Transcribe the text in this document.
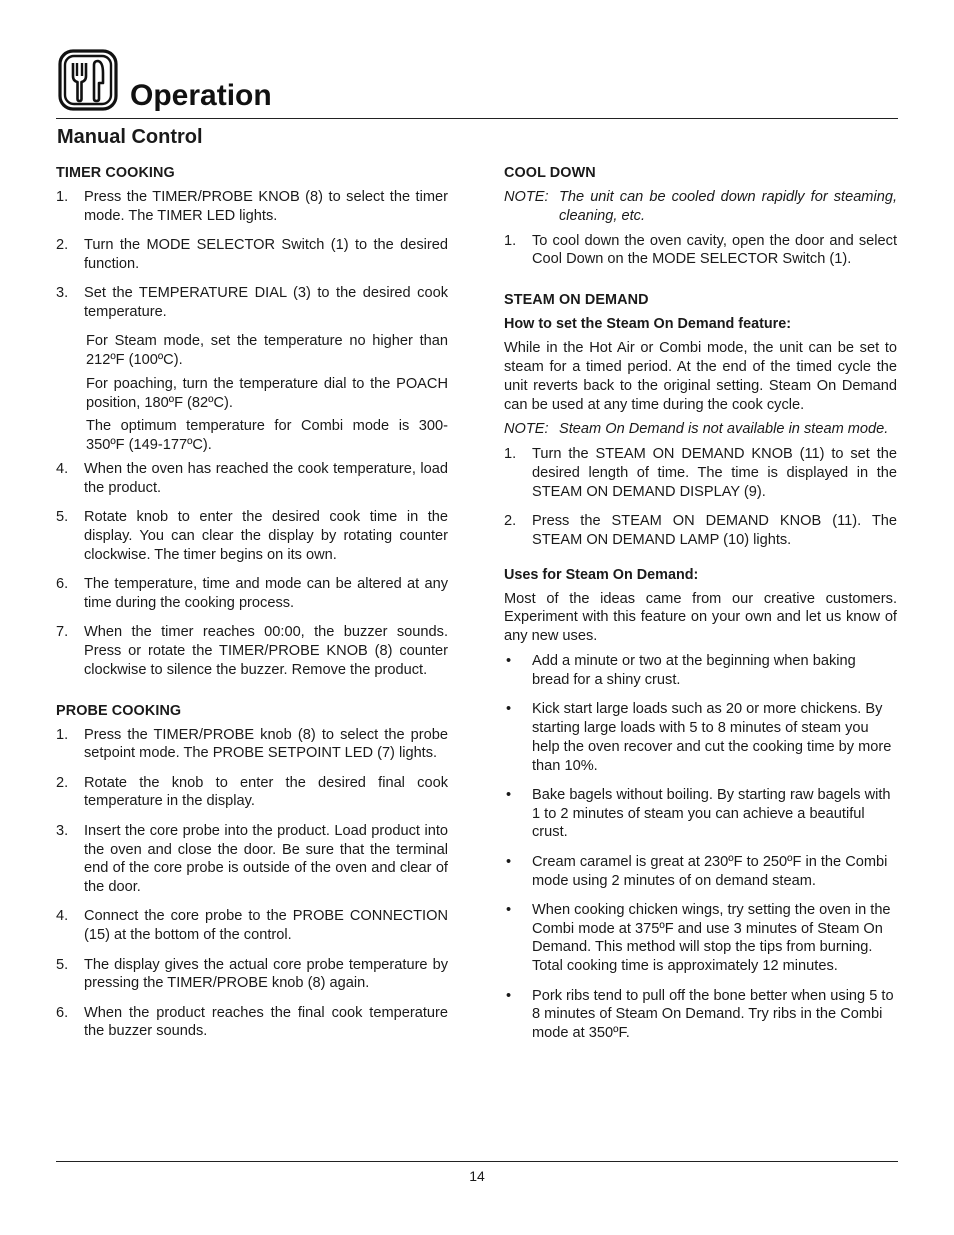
Operation
Manual Control
TIMER COOKING
1. Press the TIMER/PROBE KNOB (8) to select the timer mode. The TIMER LED lights.
2. Turn the MODE SELECTOR Switch (1) to the desired function.
3. Set the TEMPERATURE DIAL (3) to the desired cook temperature.

For Steam mode, set the temperature no higher than 212ºF (100ºC).

For poaching, turn the temperature dial to the POACH position, 180ºF (82ºC).

The optimum temperature for Combi mode is 300-350ºF (149-177ºC).

4. When the oven has reached the cook temperature, load the product.
5. Rotate knob to enter the desired cook time in the display. You can clear the display by rotating counter clockwise. The timer begins on its own.
6. The temperature, time and mode can be altered at any time during the cooking process.
7. When the timer reaches 00:00, the buzzer sounds. Press or rotate the TIMER/PROBE KNOB (8) counter clockwise to silence the buzzer. Remove the product.
PROBE COOKING
1. Press the TIMER/PROBE knob (8) to select the probe setpoint mode. The PROBE SETPOINT LED (7) lights.
2. Rotate the knob to enter the desired final cook temperature in the display.
3. Insert the core probe into the product. Load product into the oven and close the door. Be sure that the terminal end of the core probe is outside of the oven and clear of the door.
4. Connect the core probe to the PROBE CONNECTION (15) at the bottom of the control.
5. The display gives the actual core probe temperature by pressing the TIMER/PROBE knob (8) again.
6. When the product reaches the final cook temperature the buzzer sounds.
COOL DOWN
NOTE: The unit can be cooled down rapidly for steaming, cleaning, etc.
1. To cool down the oven cavity, open the door and select Cool Down on the MODE SELECTOR Switch (1).
STEAM ON DEMAND
How to set the Steam On Demand feature:

While in the Hot Air or Combi mode, the unit can be set to steam for a timed period. At the end of the timed cycle the unit reverts back to the original setting. Steam On Demand can be used at any time during the cook cycle.

NOTE: Steam On Demand is not available in steam mode.
1. Turn the STEAM ON DEMAND KNOB (11) to set the desired length of time. The time is displayed in the STEAM ON DEMAND DISPLAY (9).
2. Press the STEAM ON DEMAND KNOB (11). The STEAM ON DEMAND LAMP (10) lights.
Uses for Steam On Demand:

Most of the ideas came from our creative customers. Experiment with this feature on your own and let us know of any new uses.

• Add a minute or two at the beginning when baking bread for a shiny crust.
• Kick start large loads such as 20 or more chickens. By starting large loads with 5 to 8 minutes of steam you help the oven recover and cut the cooking time by more than 10%.
• Bake bagels without boiling. By starting raw bagels with 1 to 2 minutes of steam you can achieve a beautiful crust.
• Cream caramel is great at 230ºF to 250ºF in the Combi mode using 2 minutes of on demand steam.
• When cooking chicken wings, try setting the oven in the Combi mode at 375ºF and use 3 minutes of Steam On Demand. This method will stop the tips from burning. Total cooking time is approximately 12 minutes.
• Pork ribs tend to pull off the bone better when using 5 to 8 minutes of Steam On Demand. Try ribs in the Combi mode at 350ºF.
14
